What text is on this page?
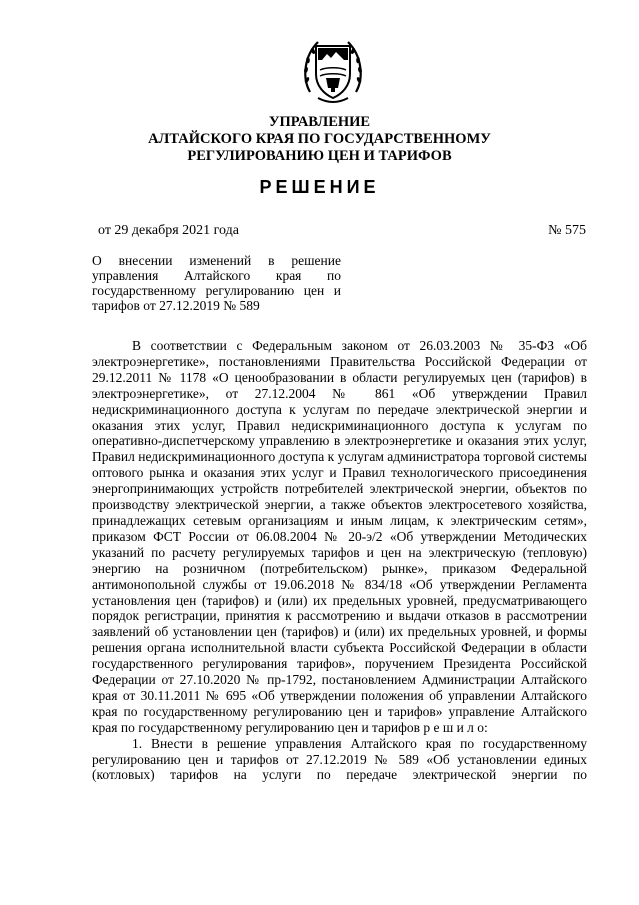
УПРАВЛЕНИЕ
АЛТАЙСКОГО КРАЯ ПО ГОСУДАРСТВЕННОМУ
РЕГУЛИРОВАНИЮ ЦЕН И ТАРИФОВ
РЕШЕНИЕ
от 29 декабря 2021 года	№ 575
О внесении изменений в решение управления Алтайского края по государственному регулированию цен и тарифов от 27.12.2019 № 589

В соответствии с Федеральным законом от 26.03.2003 № 35-ФЗ «Об электроэнергетике», постановлениями Правительства Российской Федерации от 29.12.2011 № 1178 «О ценообразовании в области регулируемых цен (тарифов) в электроэнергетике», от 27.12.2004 № 861 «Об утверждении Правил недискриминационного доступа к услугам по передаче электрической энергии и оказания этих услуг, Правил недискриминационного доступа к услугам по оперативно-диспетчерскому управлению в электроэнергетике и оказания этих услуг, Правил недискриминационного доступа к услугам администратора торговой системы оптового рынка и оказания этих услуг и Правил технологического присоединения энергопринимающих устройств потребителей электрической энергии, объектов по производству электрической энергии, а также объектов электросетевого хозяйства, принадлежащих сетевым организациям и иным лицам, к электрическим сетям», приказом ФСТ России от 06.08.2004 № 20-э/2 «Об утверждении Методических указаний по расчету регулируемых тарифов и цен на электрическую (тепловую) энергию на розничном (потребительском) рынке», приказом Федеральной антимонопольной службы от 19.06.2018 № 834/18 «Об утверждении Регламента установления цен (тарифов) и (или) их предельных уровней, предусматривающего порядок регистрации, принятия к рассмотрению и выдачи отказов в рассмотрении заявлений об установлении цен (тарифов) и (или) их предельных уровней, и формы решения органа исполнительной власти субъекта Российской Федерации в области государственного регулирования тарифов», поручением Президента Российской Федерации от 27.10.2020 № пр-1792, постановлением Администрации Алтайского края от 30.11.2011 № 695 «Об утверждении положения об управлении Алтайского края по государственному регулированию цен и тарифов» управление Алтайского края по государственному регулированию цен и тарифов р е ш и л о:

1. Внести в решение управления Алтайского края по государственному регулированию цен и тарифов от 27.12.2019 № 589 «Об установлении единых (котловых) тарифов на услуги по передаче электрической энергии по
